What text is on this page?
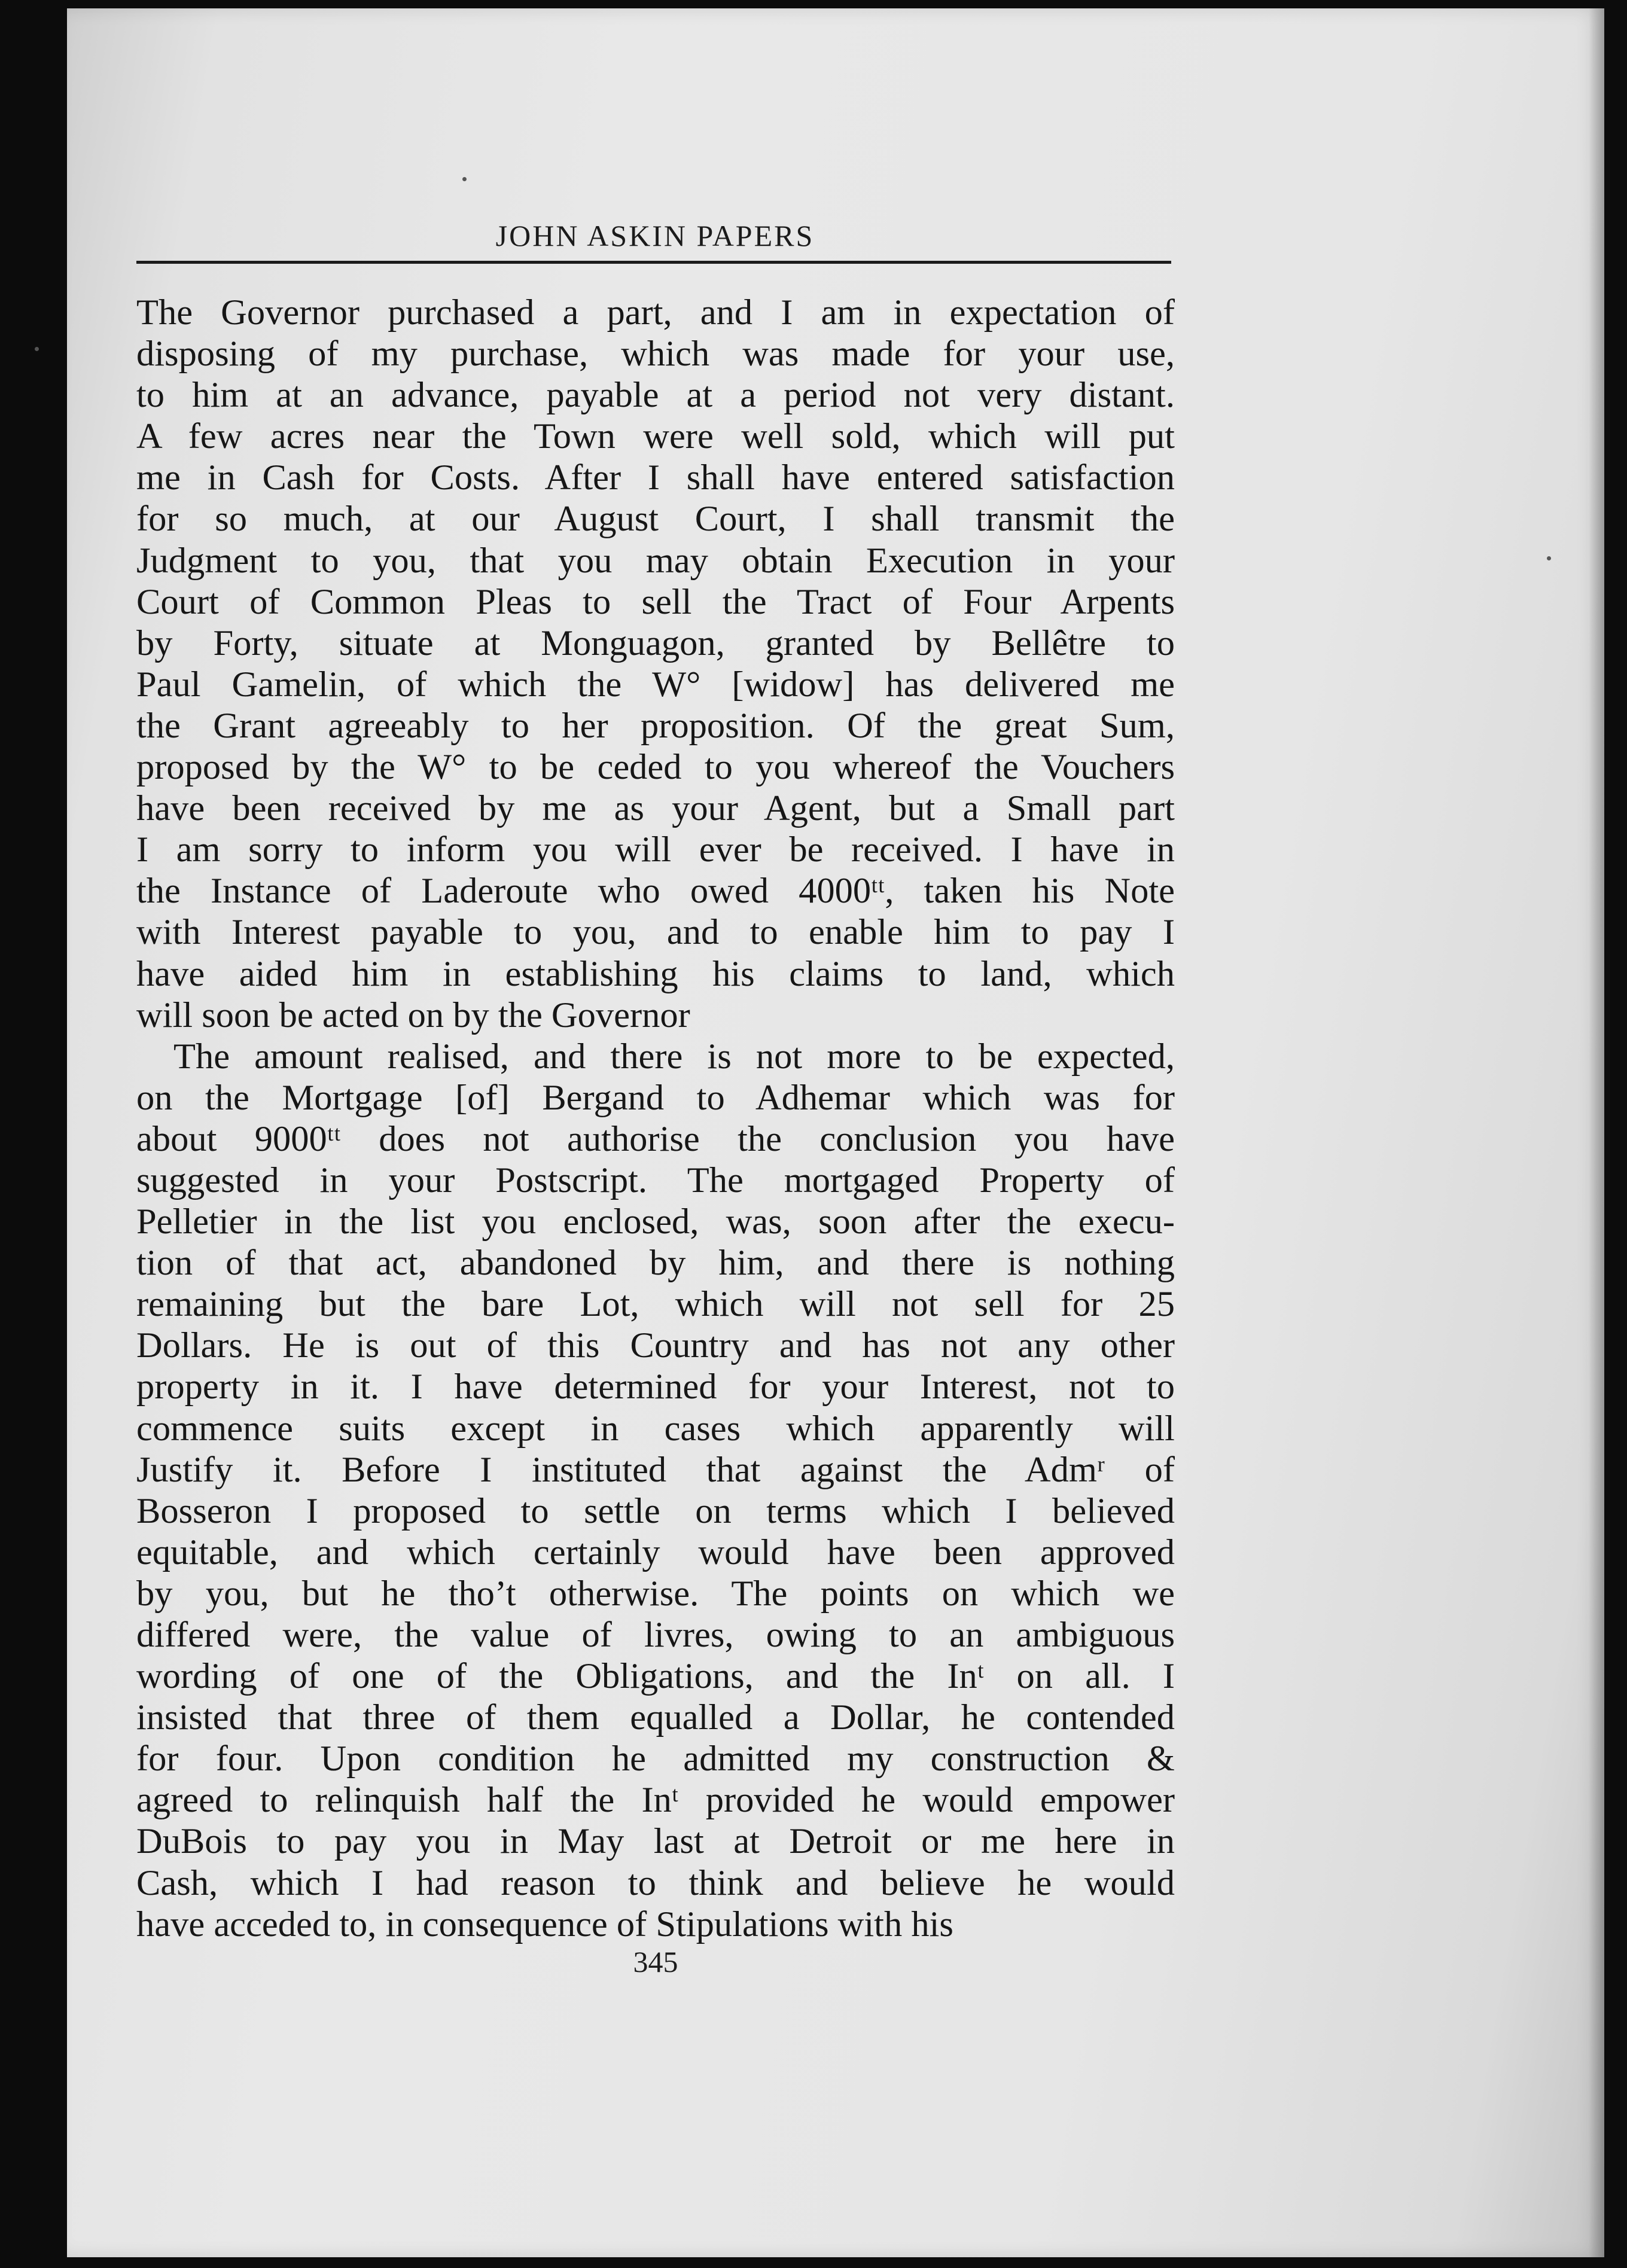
JOHN ASKIN PAPERS

The Governor purchased a part, and I am in expectation of
disposing of my purchase, which was made for your use,
to him at an advance, payable at a period not very distant.
A few acres near the Town were well sold, which will put
me in Cash for Costs. After I shall have entered satisfaction
for so much, at our August Court, I shall transmit the
Judgment to you, that you may obtain Execution in your
Court of Common Pleas to sell the Tract of Four Arpents
by Forty, situate at Monguagon, granted by Bellêtre to
Paul Gamelin, of which the W° [widow] has delivered me
the Grant agreeably to her proposition. Of the great Sum,
proposed by the W° to be ceded to you whereof the Vouchers
have been received by me as your Agent, but a Small part
I am sorry to inform you will ever be received. I have in
the Instance of Laderoute who owed 4000ᵗᵗ, taken his Note
with Interest payable to you, and to enable him to pay I
have aided him in establishing his claims to land, which
will soon be acted on by the Governor

The amount realised, and there is not more to be expected,
on the Mortgage [of] Bergand to Adhemar which was for
about 9000ᵗᵗ does not authorise the conclusion you have
suggested in your Postscript. The mortgaged Property of
Pelletier in the list you enclosed, was, soon after the execu-
tion of that act, abandoned by him, and there is nothing
remaining but the bare Lot, which will not sell for 25
Dollars. He is out of this Country and has not any other
property in it. I have determined for your Interest, not to
commence suits except in cases which apparently will
Justify it. Before I instituted that against the Admʳ of
Bosseron I proposed to settle on terms which I believed
equitable, and which certainly would have been approved
by you, but he tho’t otherwise. The points on which we
differed were, the value of livres, owing to an ambiguous
wording of one of the Obligations, and the Inᵗ on all. I
insisted that three of them equalled a Dollar, he contended
for four. Upon condition he admitted my construction &
agreed to relinquish half the Inᵗ provided he would empower
DuBois to pay you in May last at Detroit or me here in
Cash, which I had reason to think and believe he would
have acceded to, in consequence of Stipulations with his

345
